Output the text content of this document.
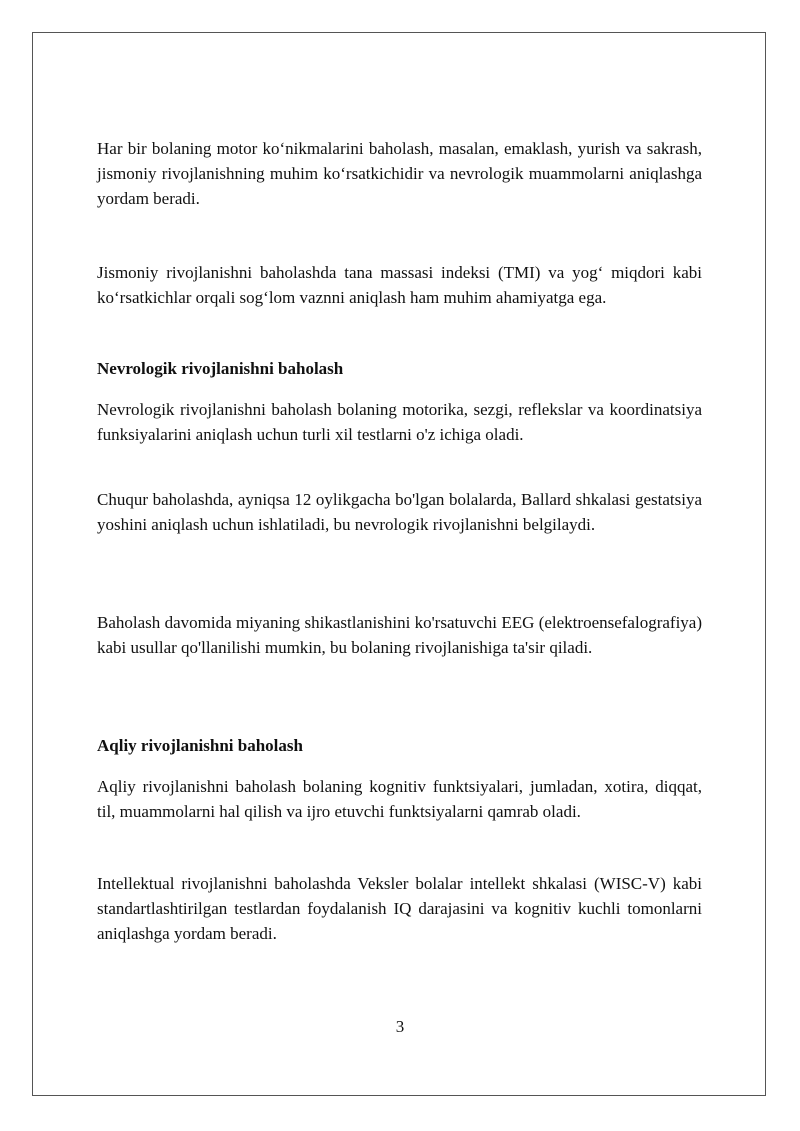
Har bir bolaning motor ko‘nikmalarini baholash, masalan, emaklash, yurish va sakrash, jismoniy rivojlanishning muhim ko‘rsatkichidir va nevrologik muammolarni aniqlashga yordam beradi.

Jismoniy rivojlanishni baholashda tana massasi indeksi (TMI) va yog‘ miqdori kabi ko‘rsatkichlar orqali sog‘lom vaznni aniqlash ham muhim ahamiyatga ega.

Nevrologik rivojlanishni baholash

Nevrologik rivojlanishni baholash bolaning motorika, sezgi, reflekslar va koordinatsiya funksiyalarini aniqlash uchun turli xil testlarni o'z ichiga oladi.

Chuqur baholashda, ayniqsa 12 oylikgacha bo'lgan bolalarda, Ballard shkalasi gestatsiya yoshini aniqlash uchun ishlatiladi, bu nevrologik rivojlanishni belgilaydi.

Baholash davomida miyaning shikastlanishini ko'rsatuvchi EEG (elektroensefalografiya) kabi usullar qo'llanilishi mumkin, bu bolaning rivojlanishiga ta'sir qiladi.

Aqliy rivojlanishni baholash

Aqliy rivojlanishni baholash bolaning kognitiv funktsiyalari, jumladan, xotira, diqqat, til, muammolarni hal qilish va ijro etuvchi funktsiyalarni qamrab oladi.

Intellektual rivojlanishni baholashda Veksler bolalar intellekt shkalasi (WISC-V) kabi standartlashtirilgan testlardan foydalanish IQ darajasini va kognitiv kuchli tomonlarni aniqlashga yordam beradi.

3
